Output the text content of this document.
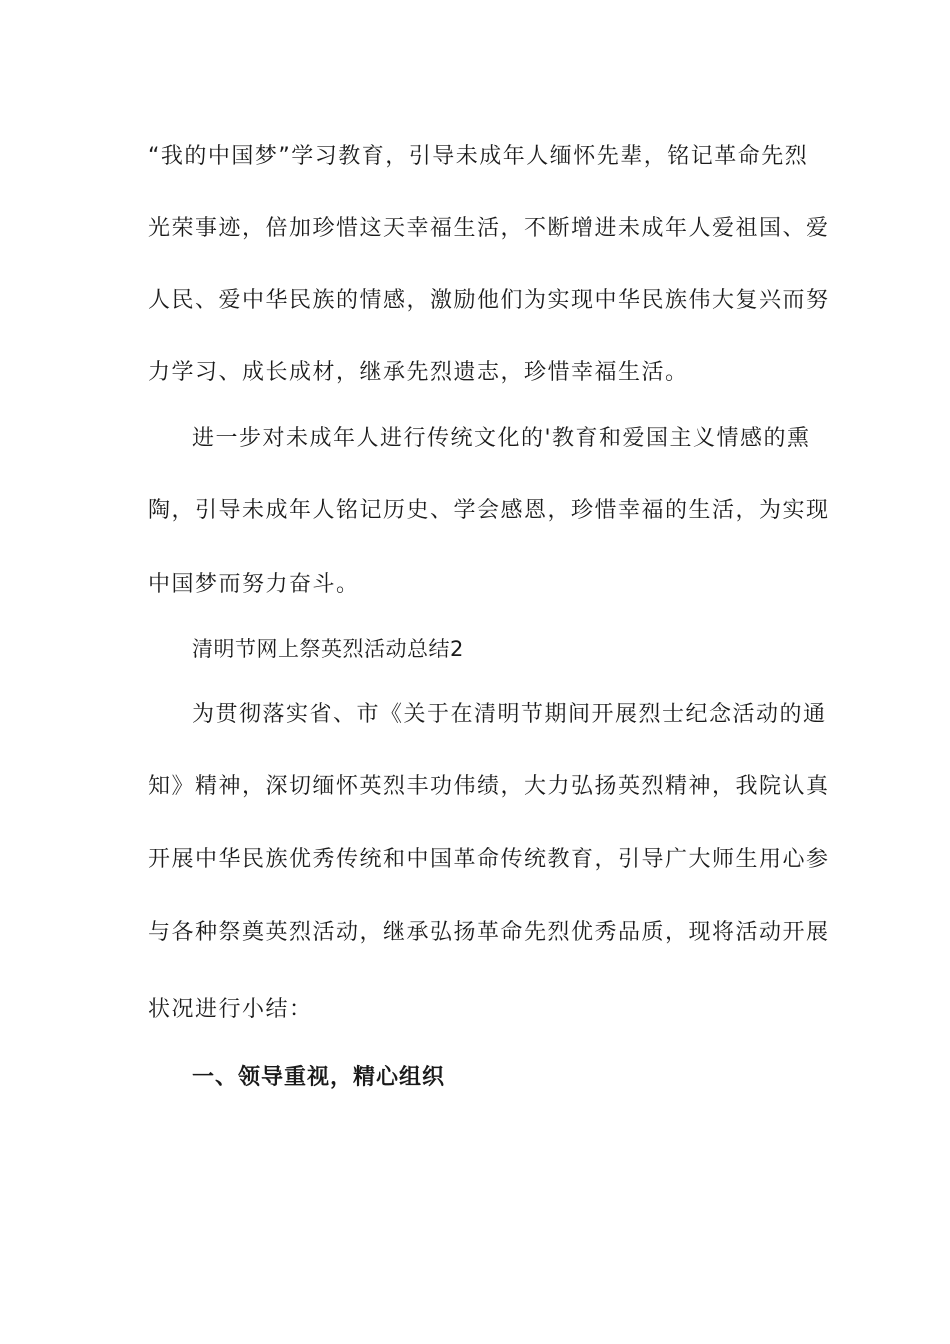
“我的中国梦”学习教育，引导未成年人缅怀先辈，铭记革命先烈
光荣事迹，倍加珍惜这天幸福生活，不断增进未成年人爱祖国、爱
人民、爱中华民族的情感，激励他们为实现中华民族伟大复兴而努
力学习、成长成材，继承先烈遗志，珍惜幸福生活。
进一步对未成年人进行传统文化的'教育和爱国主义情感的熏
陶，引导未成年人铭记历史、学会感恩，珍惜幸福的生活，为实现
中国梦而努力奋斗。
清明节网上祭英烈活动总结2
为贯彻落实省、市《关于在清明节期间开展烈士纪念活动的通
知》精神，深切缅怀英烈丰功伟绩，大力弘扬英烈精神，我院认真
开展中华民族优秀传统和中国革命传统教育，引导广大师生用心参
与各种祭奠英烈活动，继承弘扬革命先烈优秀品质，现将活动开展
状况进行小结：
一、领导重视，精心组织
